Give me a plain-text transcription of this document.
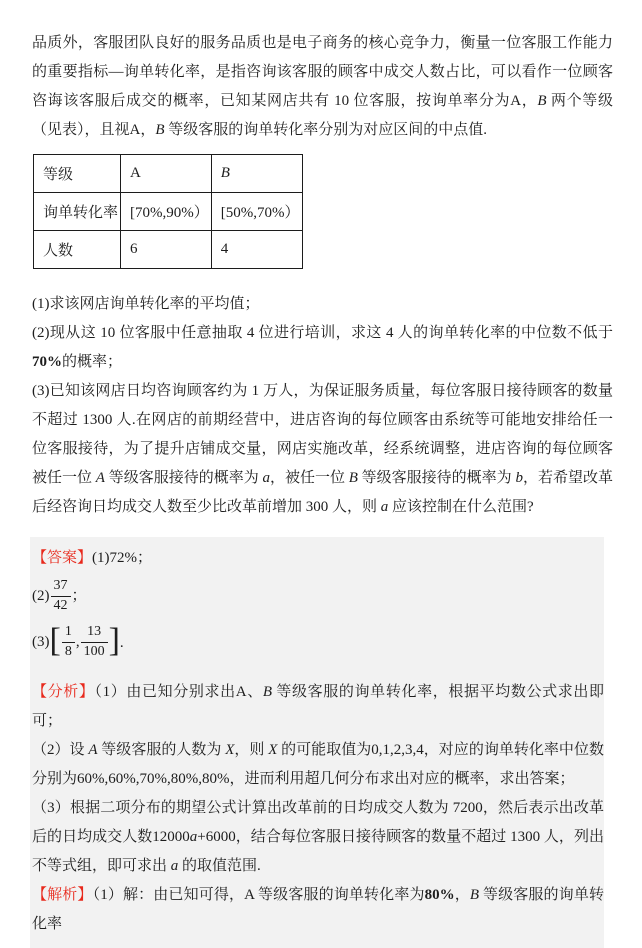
品质外，客服团队良好的服务品质也是电子商务的核心竞争力，衡量一位客服工作能力的重要指标—询单转化率，是指咨询该客服的顾客中成交人数占比，可以看作一位顾客咨诲该客服后成交的概率，已知某网店共有 10 位客服，按询单率分为A，B 两个等级（见表），且视A，B 等级客服的询单转化率分别为对应区间的中点值.

等级	A	B
询单转化率	[70%,90%）	[50%,70%）
人数	6	4

(1)求该网店询单转化率的平均值；

(2)现从这 10 位客服中任意抽取 4 位进行培训，求这 4 人的询单转化率的中位数不低于70%的概率；

(3)已知该网店日均咨询顾客约为 1 万人，为保证服务质量，每位客服日接待顾客的数量不超过 1300 人.在网店的前期经营中，进店咨询的每位顾客由系统等可能地安排给任一位客服接待，为了提升店铺成交量，网店实施改革，经系统调整，进店咨询的每位顾客被任一位 A 等级客服接待的概率为 a，被任一位 B 等级客服接待的概率为 b，若希望改革后经咨询日均成交人数至少比改革前增加 300 人，则 a 应该控制在什么范围?

【答案】(1)72%；

$(2) \frac{37}{42}$ ；

(3) [ $\frac{1}{8}$ , $\frac{13}{100}$ ] .

【分析】（1）由已知分别求出A、B 等级客服的询单转化率，根据平均数公式求出即可；

（2）设 A 等级客服的人数为 X，则 X 的可能取值为0,1,2,3,4，对应的询单转化率中位数分别为60%,60%,70%,80%,80%，进而利用超几何分布求出对应的概率，求出答案；

（3）根据二项分布的期望公式计算出改革前的日均成交人数为 7200，然后表示出改革后的日均成交人数12000a+6000，结合每位客服日接待顾客的数量不超过 1300 人，列出不等式组，即可求出 a 的取值范围.

【解析】（1）解：由已知可得，A 等级客服的询单转化率为80%，B 等级客服的询单转化率
